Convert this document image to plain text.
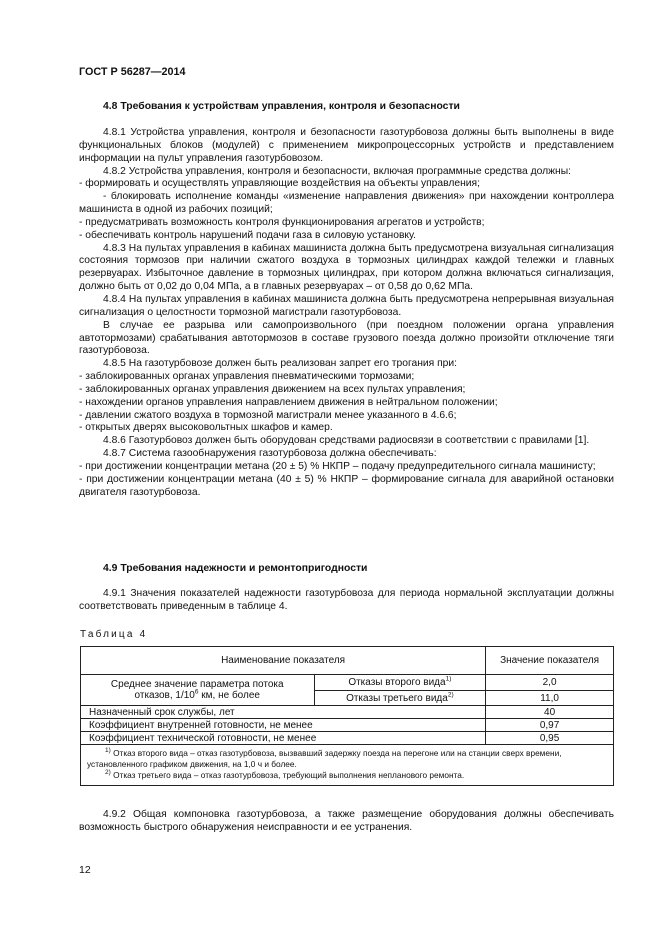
ГОСТ Р 56287—2014

4.8 Требования к устройствам управления, контроля и безопасности

4.8.1 Устройства управления, контроля и безопасности газотурбовоза должны быть выполнены в виде функциональных блоков (модулей) с применением микропроцессорных устройств и представлением информации на пульт управления газотурбовозом.

4.8.2 Устройства управления, контроля и безопасности, включая программные средства должны:

- формировать и осуществлять управляющие воздействия на объекты управления;

- блокировать исполнение команды «изменение направления движения» при нахождении контроллера машиниста в одной из рабочих позиций;

- предусматривать возможность контроля функционирования агрегатов и устройств;

- обеспечивать контроль нарушений подачи газа в силовую установку.

4.8.3 На пультах управления в кабинах машиниста должна быть предусмотрена визуальная сигнализация состояния тормозов при наличии сжатого воздуха в тормозных цилиндрах каждой тележки и главных резервуарах. Избыточное давление в тормозных цилиндрах, при котором должна включаться сигнализация, должно быть от 0,02 до 0,04 МПа, а в главных резервуарах – от 0,58 до 0,62 МПа.

4.8.4 На пультах управления в кабинах машиниста должна быть предусмотрена непрерывная визуальная сигнализация о целостности тормозной магистрали газотурбовоза.

В случае ее разрыва или самопроизвольного (при поездном положении органа управления автотормозами) срабатывания автотормозов в составе грузового поезда должно произойти отключение тяги газотурбовоза.

4.8.5 На газотурбовозе должен быть реализован запрет его трогания при:

- заблокированных органах управления пневматическими тормозами;

- заблокированных органах управления движением на всех пультах управления;

- нахождении органов управления направлением движения в нейтральном положении;

- давлении сжатого воздуха в тормозной магистрали менее указанного в 4.6.6;

- открытых дверях высоковольтных шкафов и камер.

4.8.6 Газотурбовоз должен быть оборудован средствами радиосвязи в соответствии с правилами [1].

4.8.7 Система газообнаружения газотурбовоза должна обеспечивать:

- при достижении концентрации метана (20 ± 5) % НКПР – подачу предупредительного сигнала машинисту;

- при достижении концентрации метана (40 ± 5) % НКПР – формирование сигнала для аварийной остановки двигателя газотурбовоза.

4.9 Требования надежности и ремонтопригодности

4.9.1 Значения показателей надежности газотурбовоза для периода нормальной эксплуатации должны соответствовать приведенным в таблице 4.

Таблица 4
Наименование показателя		Значение показателя
Среднее значение параметра потока
отказов, $1/10^6$ км, не более	Отказы второго вида$^{1)}$	2,0
	Отказы третьего вида$^{2)}$	11,0
Назначенный срок службы, лет		40
Коэффициент внутренней готовности, не менее		0,97
Коэффициент технической готовности, не менее		0,95

$^{1)}$ Отказ второго вида – отказ газотурбовоза, вызвавший задержку поезда на перегоне или на станции сверх времени, установленного графиком движения, на 1,0 ч и более.
$^{2)}$ Отказ третьего вида – отказ газотурбовоза, требующий выполнения непланового ремонта.		

4.9.2 Общая компоновка газотурбовоза, а также размещение оборудования должны обеспечивать возможность быстрого обнаружения неисправности и ее устранения.

12
